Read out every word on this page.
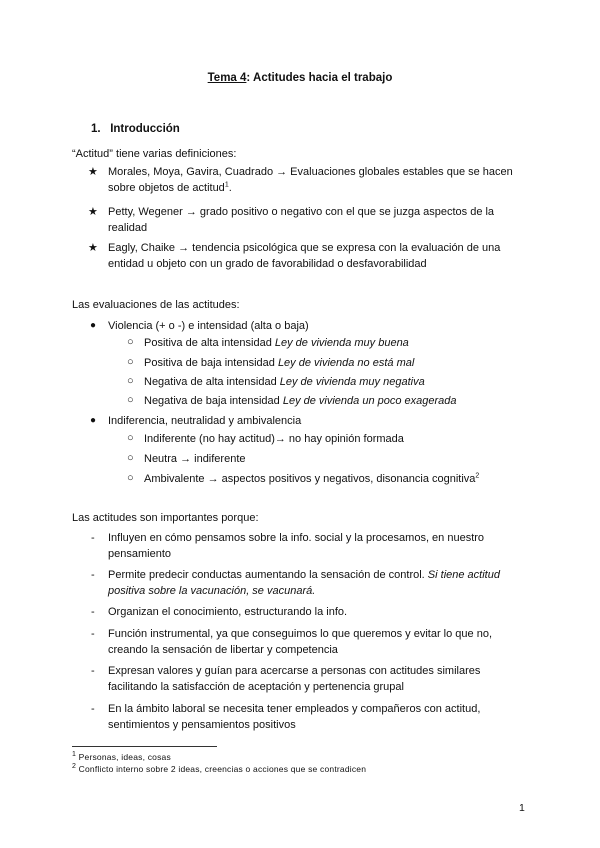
Tema 4: Actitudes hacia el trabajo
1. Introducción
“Actitud” tiene varias definiciones:
★ Morales, Moya, Gavira, Cuadrado → Evaluaciones globales estables que se hacen
sobre objetos de actitud$^1$.
★ Petty, Wegener → grado positivo o negativo con el que se juzga aspectos de la
realidad
★ Eagly, Chaike → tendencia psicológica que se expresa con la evaluación de una
entidad u objeto con un grado de favorabilidad o desfavorabilidad
Las evaluaciones de las actitudes:
● Violencia (+ o -) e intensidad (alta o baja)
○ Positiva de alta intensidad Ley de vivienda muy buena
○ Positiva de baja intensidad Ley de vivienda no está mal
○ Negativa de alta intensidad Ley de vivienda muy negativa
○ Negativa de baja intensidad Ley de vivienda un poco exagerada
● Indiferencia, neutralidad y ambivalencia
○ Indiferente (no hay actitud)→ no hay opinión formada
○ Neutra → indiferente
○ Ambivalente → aspectos positivos y negativos, disonancia cognitiva$^2$
Las actitudes son importantes porque:
- Influyen en cómo pensamos sobre la info. social y la procesamos, en nuestro
pensamiento
- Permite predecir conductas aumentando la sensación de control. Si tiene actitud
positiva sobre la vacunación, se vacunará.
- Organizan el conocimiento, estructurando la info.
- Función instrumental, ya que conseguimos lo que queremos y evitar lo que no,
creando la sensación de libertar y competencia
- Expresan valores y guían para acercarse a personas con actitudes similares
facilitando la satisfacción de aceptación y pertenencia grupal
- En la ámbito laboral se necesita tener empleados y compañeros con actitud,
sentimientos y pensamientos positivos
$^1$ Personas, ideas, cosas
$^2$ Conflicto interno sobre 2 ideas, creencias o acciones que se contradicen
1
